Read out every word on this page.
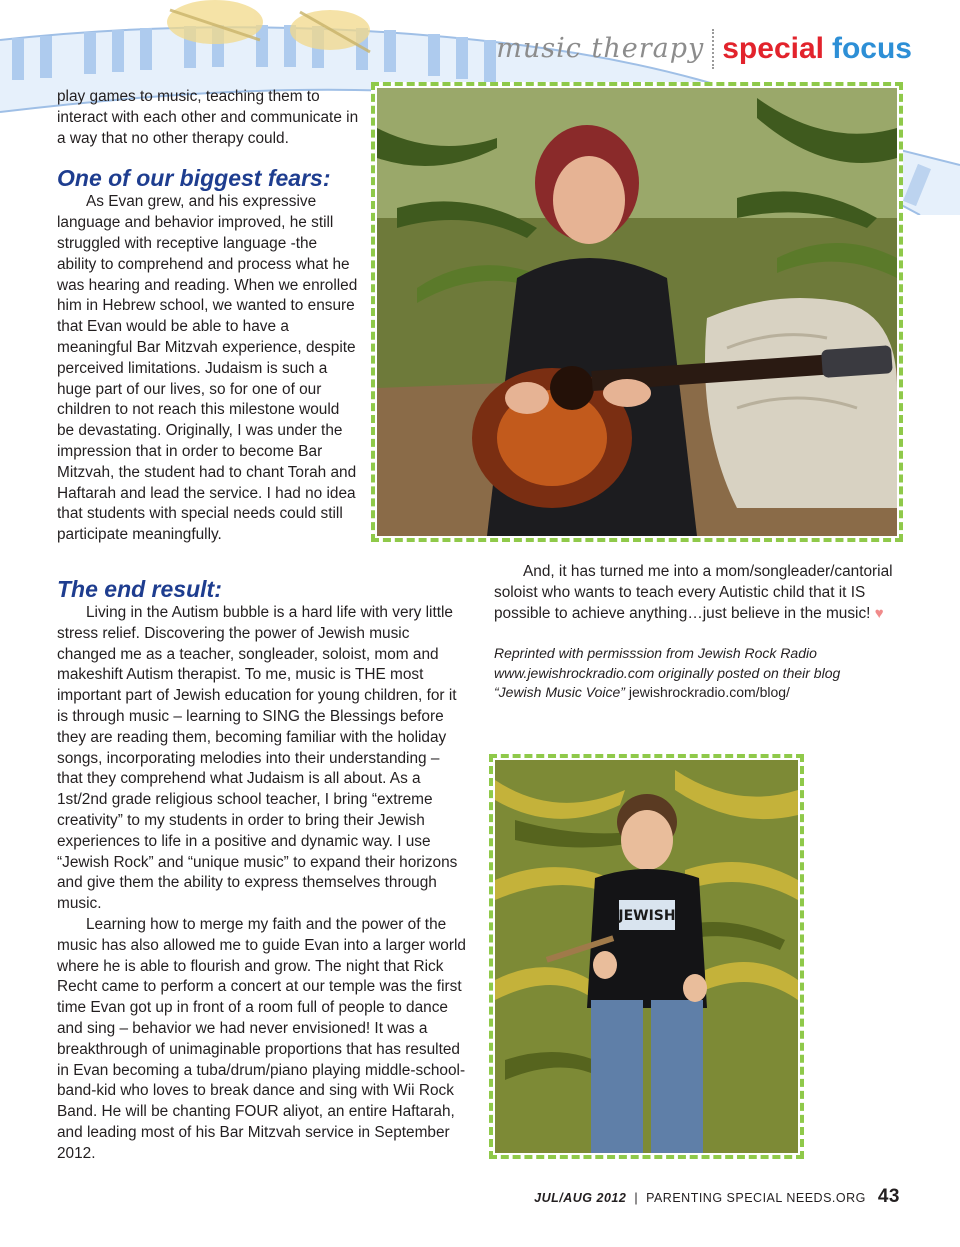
music therapy special focus

play games to music, teaching them to interact with each other and communicate in a way that no other therapy could.

One of our biggest fears:

As Evan grew, and his expressive language and behavior improved, he still struggled with receptive language -the ability to comprehend and process what he was hearing and reading. When we enrolled him in Hebrew school, we wanted to ensure that Evan would be able to have a meaningful Bar Mitzvah experience, despite perceived limitations. Judaism is such a huge part of our lives, so for one of our children to not reach this milestone would be devastating. Originally, I was under the impression that in order to become Bar Mitzvah, the student had to chant Torah and Haftarah and lead the service. I had no idea that students with special needs could still participate meaningfully.

The end result:

Living in the Autism bubble is a hard life with very little stress relief. Discovering the power of Jewish music changed me as a teacher, songleader, soloist, mom and makeshift Autism therapist. To me, music is THE most important part of Jewish education for young children, for it is through music – learning to SING the Blessings before they are reading them, becoming familiar with the holiday songs, incorporating melodies into their understanding – that they comprehend what Judaism is all about. As a 1st/2nd grade religious school teacher, I bring “extreme creativity” to my students in order to bring their Jewish experiences to life in a positive and dynamic way. I use “Jewish Rock” and “unique music” to expand their horizons and give them the ability to express themselves through music.

Learning how to merge my faith and the power of the music has also allowed me to guide Evan into a larger world where he is able to flourish and grow. The night that Rick Recht came to perform a concert at our temple was the first time Evan got up in front of a room full of people to dance and sing – behavior we had never envisioned! It was a breakthrough of unimaginable proportions that has resulted in Evan becoming a tuba/drum/piano playing middle-school-band-kid who loves to break dance and sing with Wii Rock Band. He will be chanting FOUR aliyot, an entire Haftarah, and leading most of his Bar Mitzvah service in September 2012.

And, it has turned me into a mom/songleader/cantorial soloist who wants to teach every Autistic child that it IS possible to achieve anything…just believe in the music! ♥

Reprinted with permisssion from Jewish Rock Radio
www.jewishrockradio.com originally posted on their blog
“Jewish Music Voice” jewishrockradio.com/blog/
JEWISH
JUL/AUG 2012 | PARENTING SPECIAL NEEDS.ORG 43
